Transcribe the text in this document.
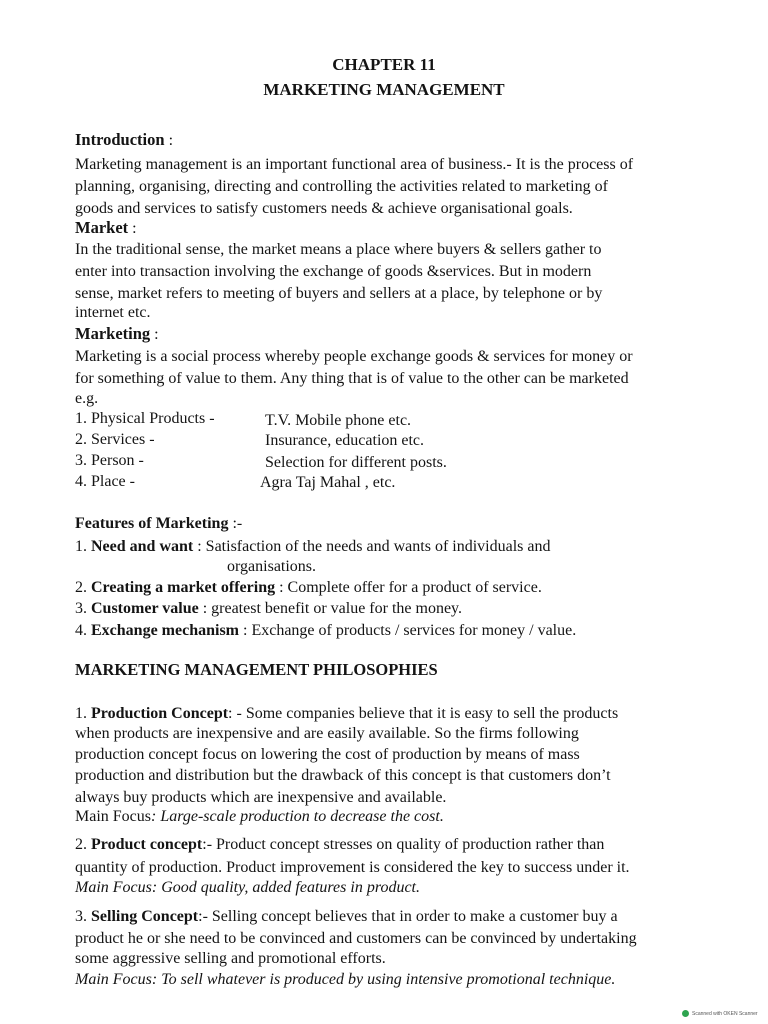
CHAPTER 11
MARKETING MANAGEMENT
Introduction :
Marketing management is an important functional area of business.- It is the process of
planning, organising, directing and controlling the activities related to marketing of
goods and services to satisfy customers needs & achieve organisational goals.
Market :
In the traditional sense, the market means a place where buyers & sellers gather to
enter into transaction involving the exchange of goods &services. But in modern
sense, market refers to meeting of buyers and sellers at a place, by telephone or by
internet etc.
Marketing :
Marketing is a social process whereby people exchange goods & services for money or
for something of value to them. Any thing that is of value to the other can be marketed
e.g.
1. Physical Products -	T.V. Mobile phone etc.
2. Services -	Insurance, education etc.
3. Person -	Selection for different posts.
4. Place -	Agra Taj Mahal , etc.
Features of Marketing :-
1. Need and want : Satisfaction of the needs and wants of individuals and
organisations.
2. Creating a market offering : Complete offer for a product of service.
3. Customer value : greatest benefit or value for the money.
4. Exchange mechanism : Exchange of products / services for money / value.
MARKETING MANAGEMENT PHILOSOPHIES
1. Production Concept: - Some companies believe that it is easy to sell the products
when products are inexpensive and are easily available. So the firms following
production concept focus on lowering the cost of production by means of mass
production and distribution but the drawback of this concept is that customers don’t
always buy products which are inexpensive and available.
Main Focus: Large-scale production to decrease the cost.
2. Product concept:- Product concept stresses on quality of production rather than
quantity of production. Product improvement is considered the key to success under it.
Main Focus: Good quality, added features in product.
3. Selling Concept:- Selling concept believes that in order to make a customer buy a
product he or she need to be convinced and customers can be convinced by undertaking
some aggressive selling and promotional efforts.
Main Focus: To sell whatever is produced by using intensive promotional technique.
Scanned with OKEN Scanner
